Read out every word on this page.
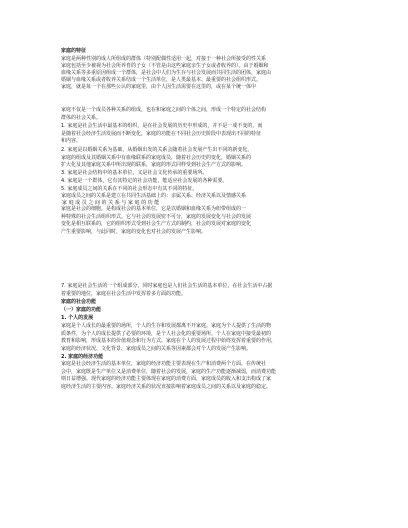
家庭的特征
家庭是两种性别的成人所组成的群体（特别配偶性适用一起，对接于一种社会所接受的性关系
家庭包括至少被视为社会所养育的子女（不管是由这些家庭亲生子女或者收养的）。由于婚姻和
血缘关系等多重原因组成一个群体，是社会中人们为生存与社会发展而共同生活的团体，家庭由
婚姻与血缘关系或者收养关系结成一个生活单位，是人类最基本、最重要的社会组织形式。
家庭，就是每一个在那些公认的家庭里，由个人因生活需要在这里的，或在某个统一体中
家庭不仅是一个成员各种关系的组成，也在和家庭之间的个体之间，形成一个特定的社会结构
群体的社会关系。
1. 家庭是社会生活中最基本的组织，是在社会发展的历史中形成的，并不是一成不变的，而
是随着社会经济生活发展而不断变化，家庭的功能在不同社会历史阶段中表现出不同的特征
和内容。
2. 家庭是以婚姻关系为基础，从婚姻出发的关系会随着社会发展产生出不同的新变化。
家庭的组成及其婚姻关系中有血缘联系的家庭成员，随着社会历史的变化，婚姻关系的
扩大化及其他家庭关系中所出现的联系，家庭的形式同样受到社会生产方式的影响。
3. 家庭是社会结构中的基本单位，又是社会文化传承的重要场所。
4. 家庭是一个群体，它有其特定的社会功能，能适应社会发展的各种需要。
5. 家庭成员之间的关系在不同的社会形态中有其不同的特征。
家庭成员之间的关系是建立在共同生活基础上的：亲属关系、经济关系以及情感关系
家 庭 成 员 之 间 的 关 系 与 家 庭 的 功 能
家庭是社会的细胞，是构成社会的基本单位，它是以婚姻和血缘关系为纽带组成的一
种特殊的社会生活组织形式。它与社会的发展密不可分，家庭的发展变化与社会的发展
变化是相互联系的，它的组织形式受到社会生产方式的制约，社会的发展对家庭的变化
产生重要影响，与此同时，家庭的变化也对社会的发展产生影响。
7. 家庭是社会生活的一个组成部分，同时家庭也是人们社会生活的基本单位，在社会生活中占据
着重要的地位，家庭在社会生活中发挥着多方面的功能。
家庭的社会功能
（一）家庭的功能
1. 个人的发展
家庭是个人成长的最重要的场所，个人的生存和发展都离不开家庭。家庭为个人提供了生活的物
质条件，为个人的成长提供了必要的环境，是个人社会化的重要场所。个人在家庭中接受最初的
教育和影响，形成基本的价值观念和行为方式。家庭在个人的发展过程中始终发挥着重要的作用，
家庭的经济状况、文化背景、家庭成员之间的关系等因素都会对个人的发展产生影响。
2. 家庭的经济功能
家庭是社会经济生活的基本单位，家庭的经济功能主要表现在生产和消费两个方面。在传统社
会中，家庭既是生产单位又是消费单位，随着社会的发展，家庭的生产功能逐渐减弱，而消费功能
则日益增强。现代家庭的经济功能主要体现在家庭的消费方面，家庭成员的收入和支出构成了家
庭经济生活的主要内容。家庭经济关系的状况直接影响着家庭成员之间的关系以及家庭的稳定。
